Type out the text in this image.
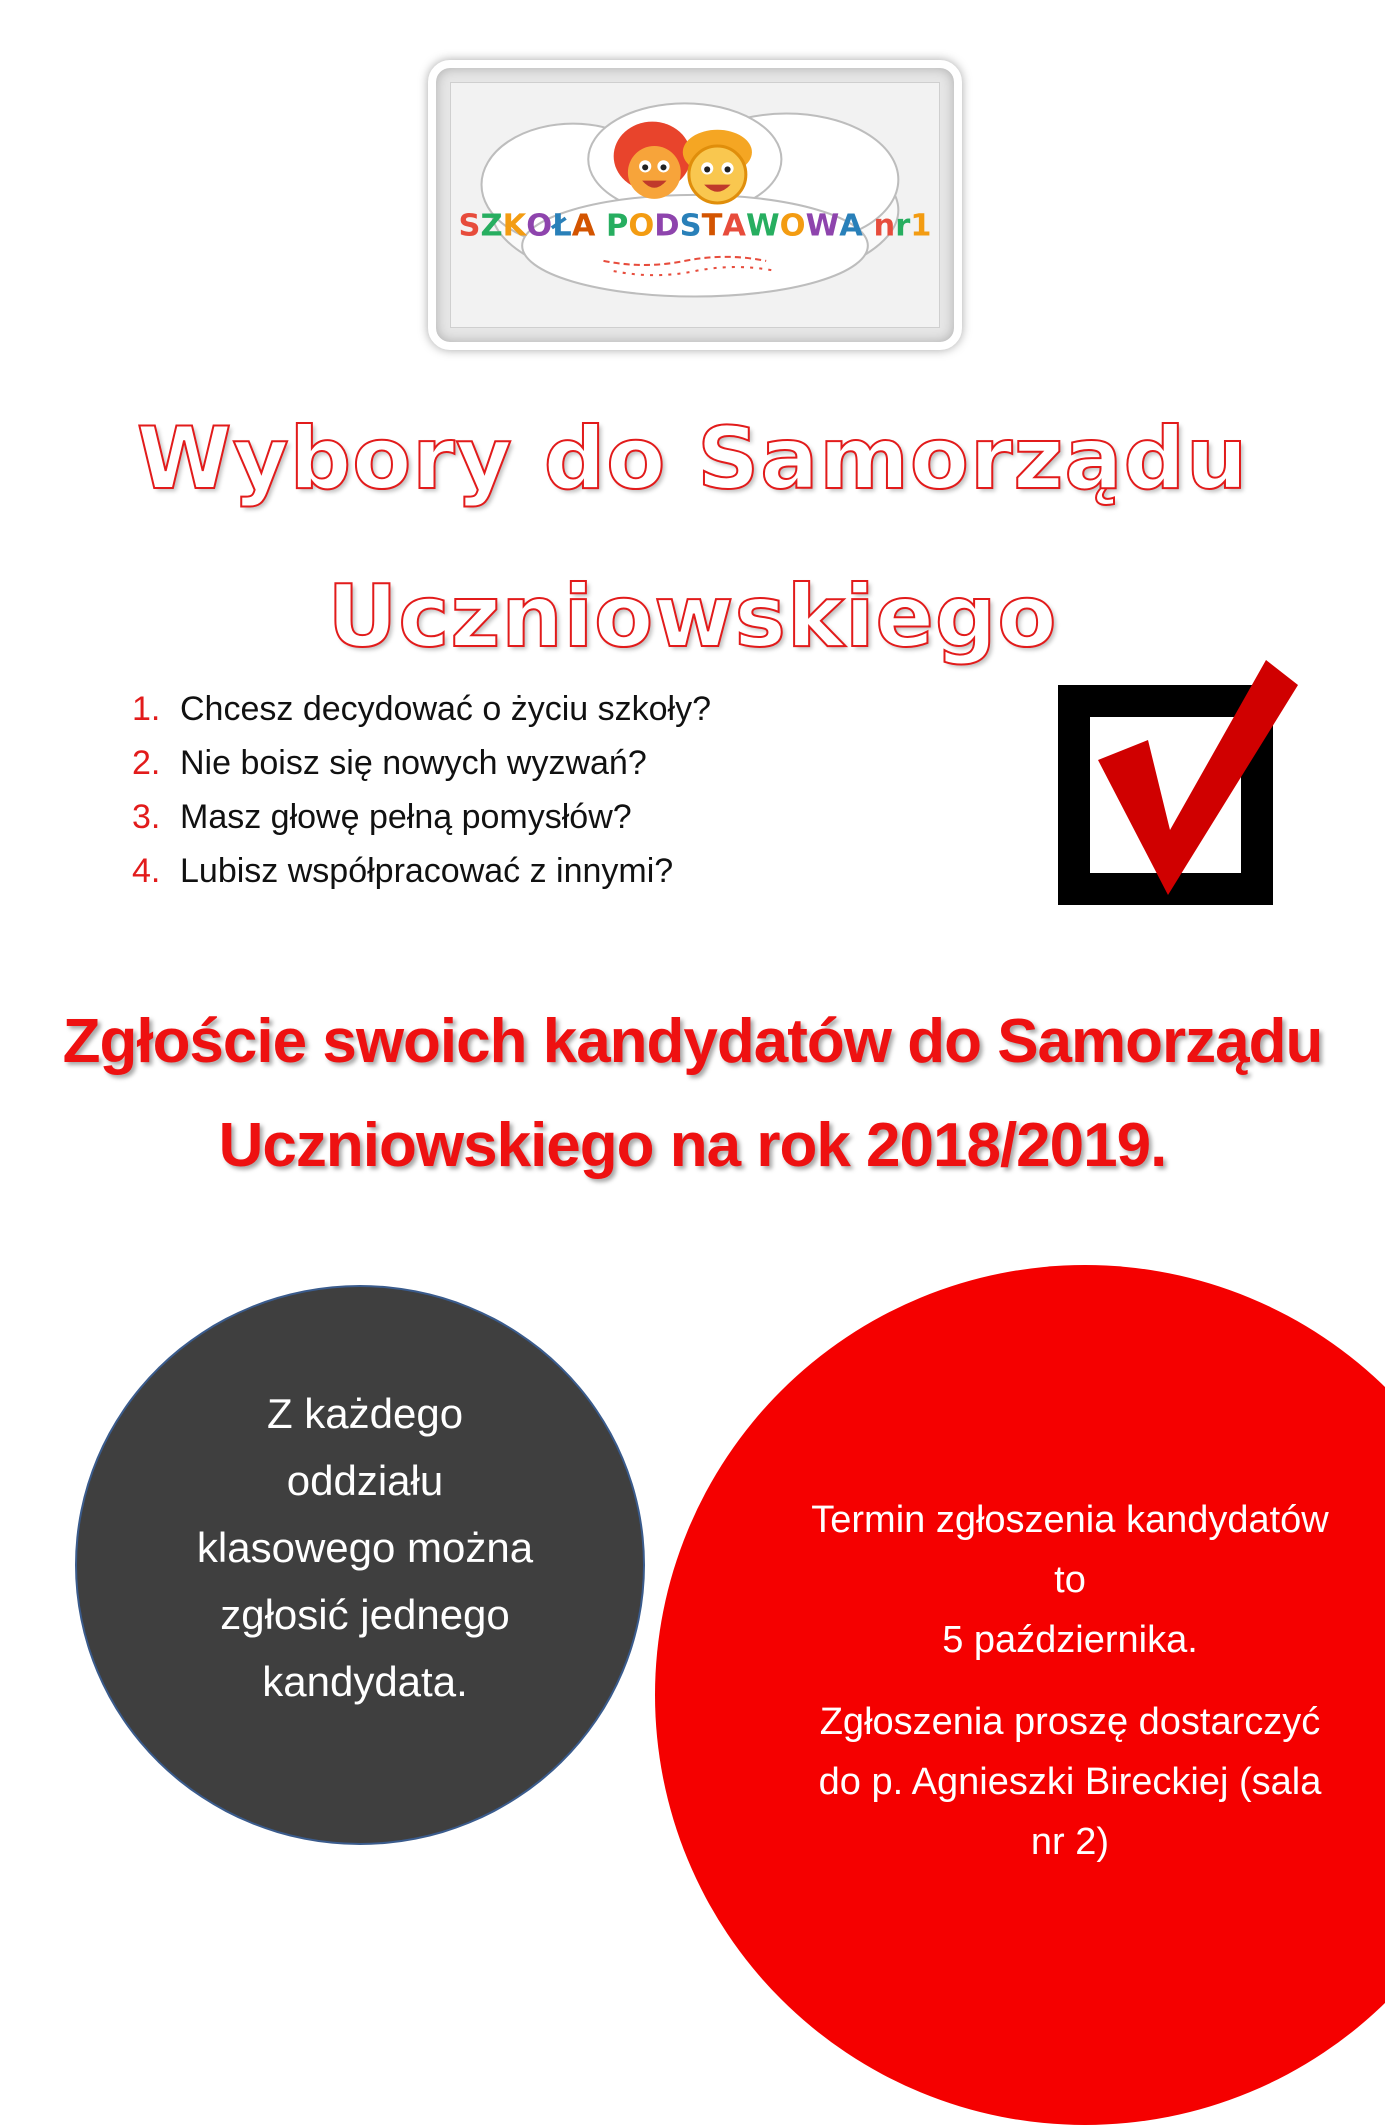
SZKOŁA PODSTAWOWA nr1
Wybory do Samorządu
Uczniowskiego
1. Chcesz decydować o życiu szkoły?
2. Nie boisz się nowych wyzwań?
3. Masz głowę pełną pomysłów?
4. Lubisz współpracować z innymi?
Zgłoście swoich kandydatów do Samorządu
Uczniowskiego na rok 2018/2019.
Z każdego
oddziału
klasowego można
zgłosić jednego
kandydata.
Termin zgłoszenia kandydatów
to
5 października.
Zgłoszenia proszę dostarczyć
do p. Agnieszki Bireckiej (sala
nr 2)
